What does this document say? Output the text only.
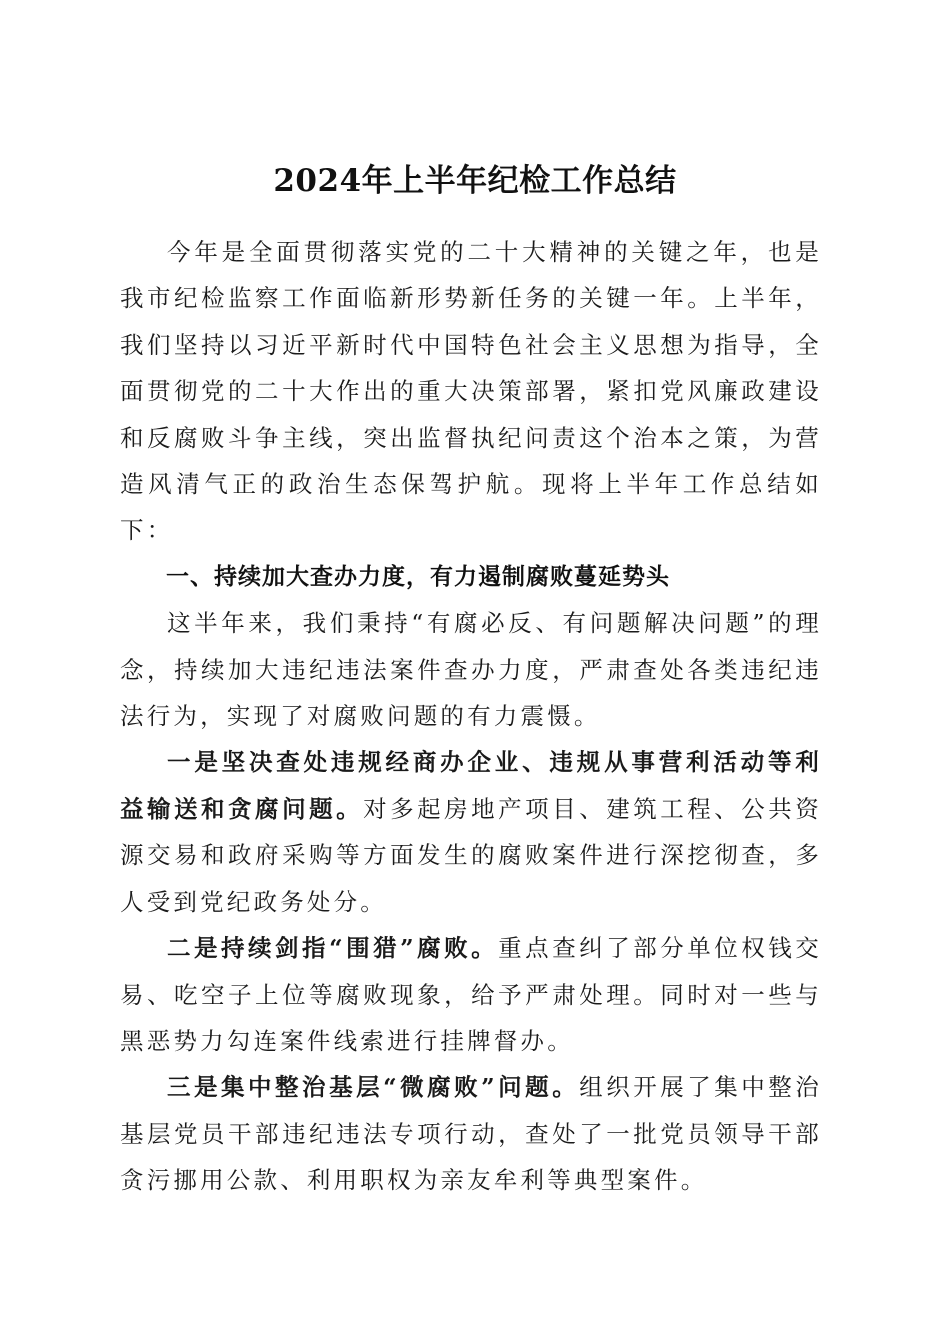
2024年上半年纪检工作总结

今年是全面贯彻落实党的二十大精神的关键之年，也是我市纪检监察工作面临新形势新任务的关键一年。上半年，我们坚持以习近平新时代中国特色社会主义思想为指导，全面贯彻党的二十大作出的重大决策部署，紧扣党风廉政建设和反腐败斗争主线，突出监督执纪问责这个治本之策，为营造风清气正的政治生态保驾护航。现将上半年工作总结如下：

一、持续加大查办力度，有力遏制腐败蔓延势头

这半年来，我们秉持“有腐必反、有问题解决问题”的理念，持续加大违纪违法案件查办力度，严肃查处各类违纪违法行为，实现了对腐败问题的有力震慑。

一是坚决查处违规经商办企业、违规从事营利活动等利益输送和贪腐问题。对多起房地产项目、建筑工程、公共资源交易和政府采购等方面发生的腐败案件进行深挖彻查，多人受到党纪政务处分。

二是持续剑指“围猎”腐败。重点查纠了部分单位权钱交易、吃空子上位等腐败现象，给予严肃处理。同时对一些与黑恶势力勾连案件线索进行挂牌督办。

三是集中整治基层“微腐败”问题。组织开展了集中整治基层党员干部违纪违法专项行动，查处了一批党员领导干部贪污挪用公款、利用职权为亲友牟利等典型案件。
